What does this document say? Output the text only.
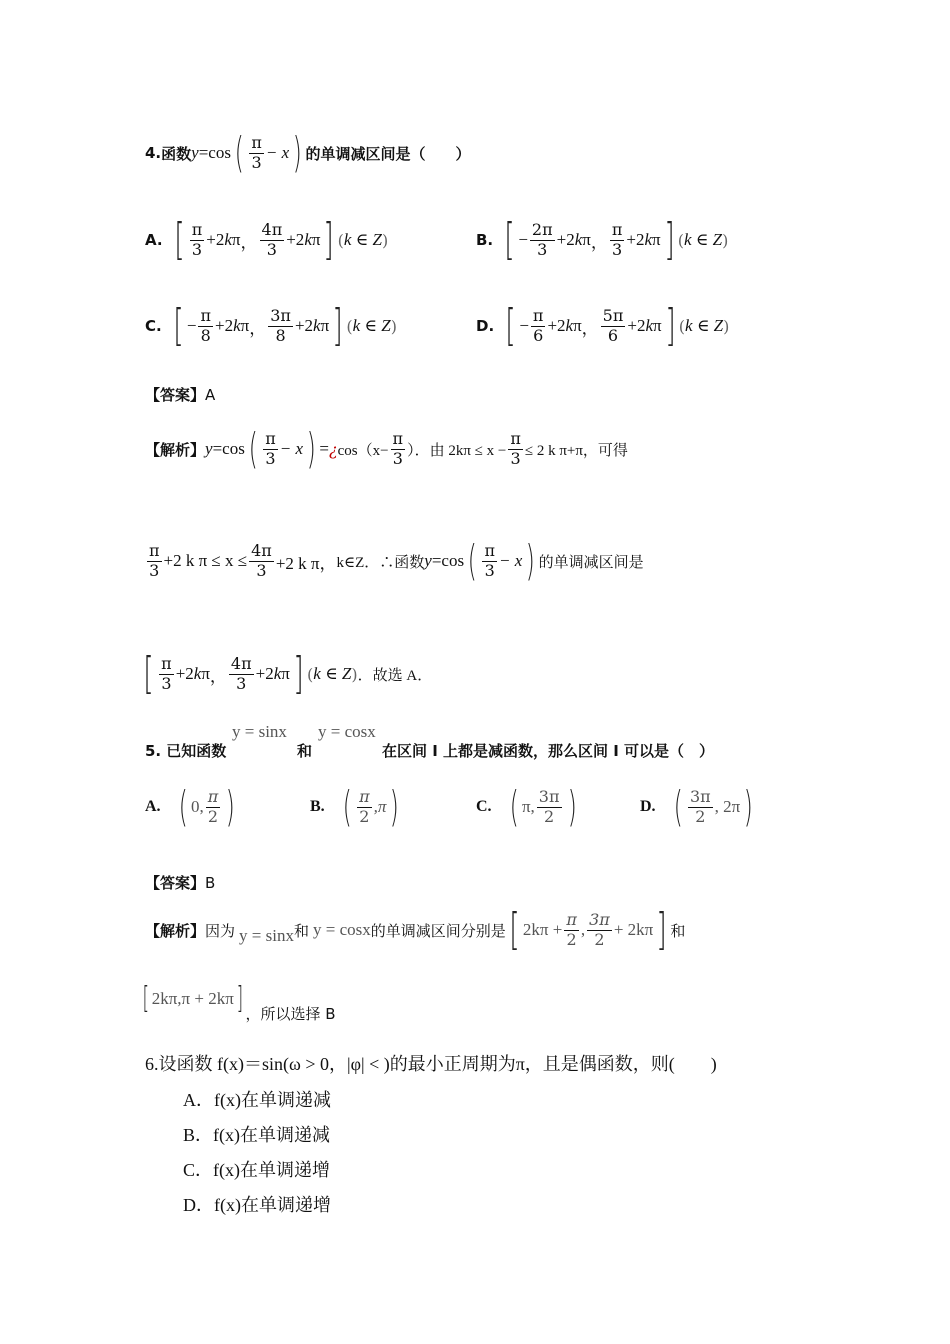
4. 函数 y = cos ( $\frac{\pi}{3} - x$ ) 的单调减区间是（　　）
A. [ $\frac{\pi}{3} +2$ k π ， $\frac{4\pi}{3} +2$ k π ] ( k ∈ Z )	B. [ − $\frac{2\pi}{3} +2$ k π ， $\frac{\pi}{3} +2$ k π ] ( k ∈ Z )
C. [ − $\frac{\pi}{8} +2$ k π ， $\frac{3\pi}{8} +2$ k π ] ( k ∈ Z )	D. [ − $\frac{\pi}{6} +2$ k π ， $\frac{5\pi}{6} +2$ k π ] ( k ∈ Z )
【答案】 A
【解析】 y = cos ( $\frac{\pi}{3} - x$ ) = ¿ $\cos(x- \frac{\pi}{3}$ ）．由 $2k\pi \le x - \frac{\pi}{3} \le 2$ k π+π，可得
$\frac{\pi}{3} +2$ k $\pi \le x \le \frac{4\pi}{3} +2$ k π， k∈Z．∴函数 y = cos ( $\frac{\pi}{3} - x$ ) 的单调减区间是
[ $\frac{\pi}{3} +2$ k π ， $\frac{4\pi}{3} +2$ k π ] ( k ∈ Z ) ．故选 A．
5. 已知函数
y = sinx
和
y = cosx
在区间 I 上都是减函数，那么区间 I 可以是（　）
A. ( 0, $\frac{\pi}{2}$ )	B. ( $\frac{\pi}{2} ,\pi$ )	C. ( π, $\frac{3\pi}{2}$ )	D. ( $\frac{3\pi}{2}$ , 2π )
【答案】 B
【解析】 因为 y = sinx 和 y = cosx 的单调减区间分别是 [ $2k\pi + \frac{\pi}{2}$ , $\frac{3\pi}{2} + 2k\pi$ ] 和
[ 2kπ,π + 2kπ ] ，所以选择 B
6.设函数 f(x)＝sin(ω > 0，|φ| < )的最小正周期为π，且是偶函数，则(　　)
A．f(x)在单调递减
B．f(x)在单调递减
C．f(x)在单调递增
D．f(x)在单调递增
